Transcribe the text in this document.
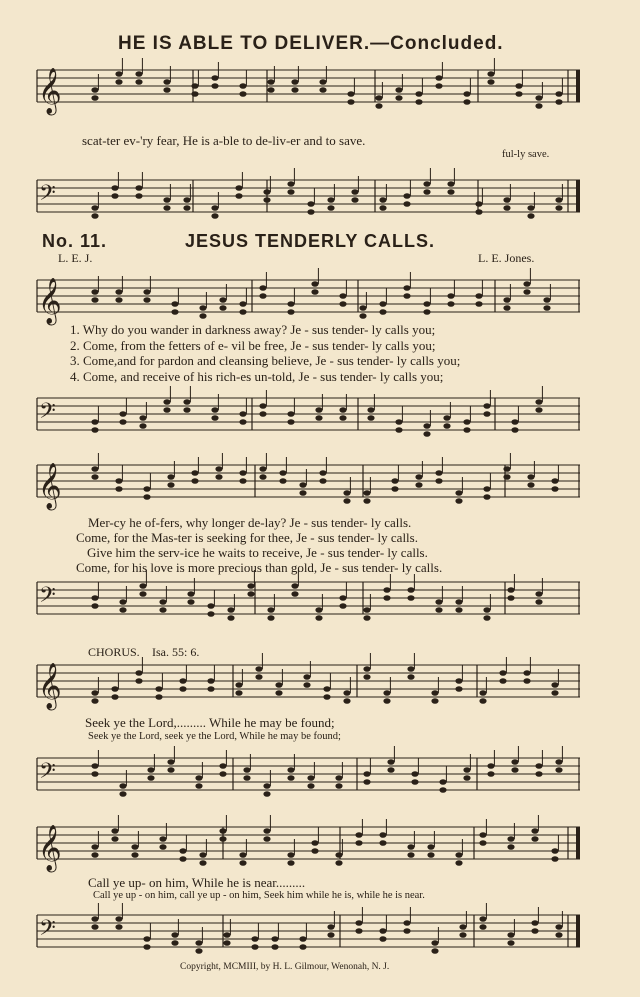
HE IS ABLE TO DELIVER.—Concluded.
𝄞
scat-ter ev-'ry fear, He is a-ble to de-liv-er and to save.
ful-ly save.
𝄢
No. 11.	JESUS TENDERLY CALLS.
L. E. J.	L. E. Jones.
𝄞
1. Why do you wander in darkness away? Je - sus tender- ly calls you;
2. Come, from the fetters of e- vil be free, Je - sus tender- ly calls you;
3. Come,and for pardon and cleansing believe, Je - sus tender- ly calls you;
4. Come, and receive of his rich-es un-told, Je - sus tender- ly calls you;
𝄢
𝄞
Mer-cy he of-fers, why longer de-lay? Je - sus tender- ly calls.
Come, for the Mas-ter is seeking for thee, Je - sus tender- ly calls.
Give him the serv-ice he waits to receive, Je - sus tender- ly calls.
Come, for his love is more precious than gold, Je - sus tender- ly calls.
𝄢
CHORUS. Isa. 55: 6.
𝄞
Seek ye the Lord,......... While he may be found;
Seek ye the Lord, seek ye the Lord, While he may be found;
𝄢
𝄞
Call ye up- on him, While he is near.........
Call ye up - on him, call ye up - on him, Seek him while he is, while he is near.
𝄢
Copyright, MCMIII, by H. L. Gilmour, Wenonah, N. J.
